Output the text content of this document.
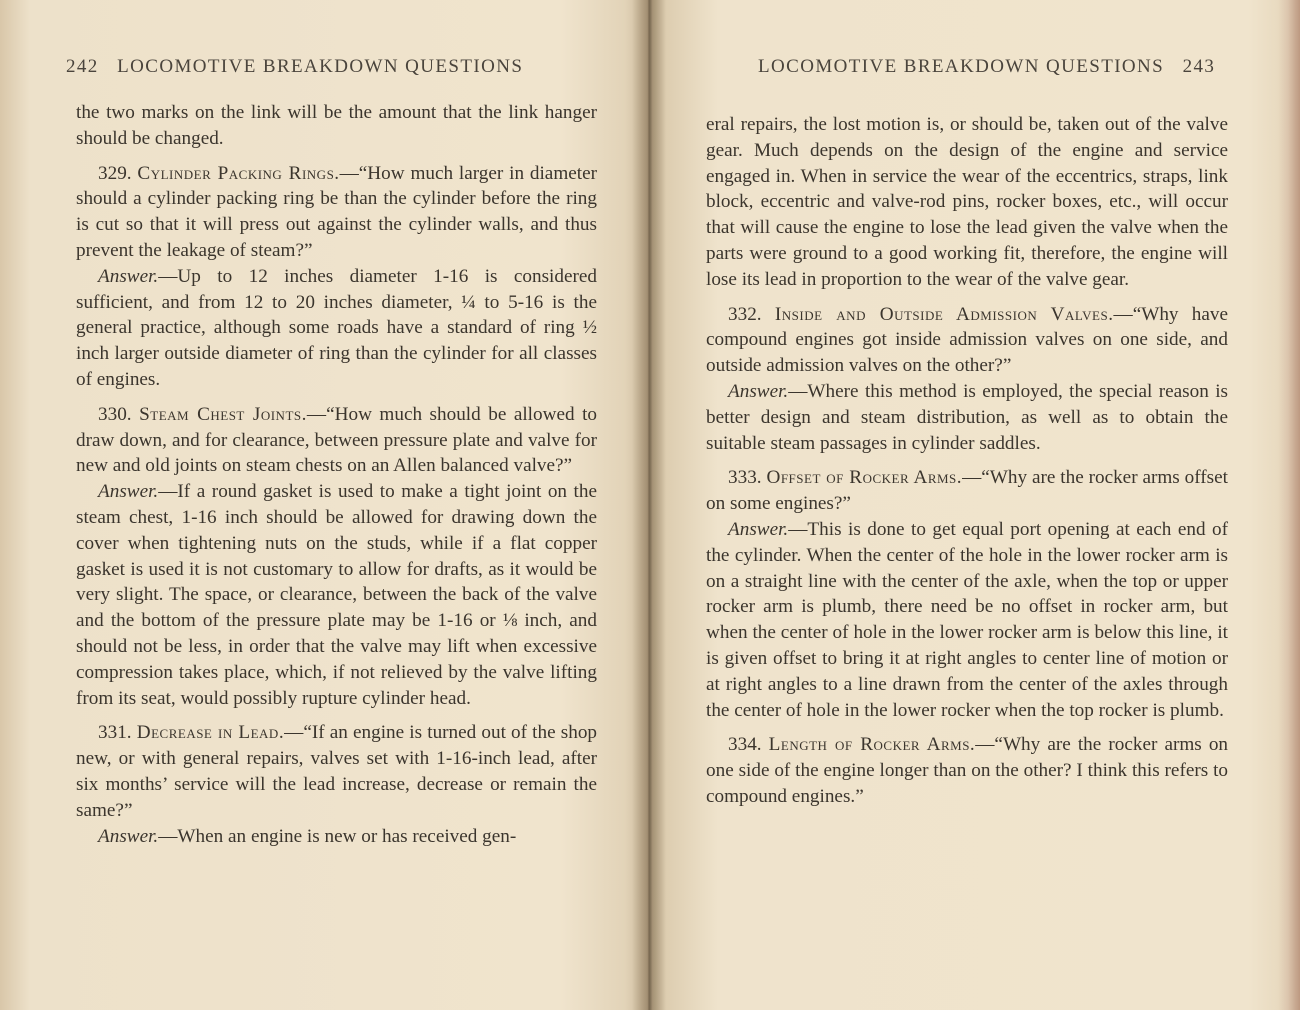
242 LOCOMOTIVE BREAKDOWN QUESTIONS

the two marks on the link will be the amount that the link hanger should be changed.

329. Cylinder Packing Rings.—“How much larger in diameter should a cylinder packing ring be than the cylinder before the ring is cut so that it will press out against the cylinder walls, and thus prevent the leakage of steam?”

Answer.—Up to 12 inches diameter 1-16 is considered sufficient, and from 12 to 20 inches diameter, ¼ to 5-16 is the general practice, although some roads have a standard of ring ½ inch larger outside diameter of ring than the cylinder for all classes of engines.

330. Steam Chest Joints.—“How much should be allowed to draw down, and for clearance, between pressure plate and valve for new and old joints on steam chests on an Allen balanced valve?”

Answer.—If a round gasket is used to make a tight joint on the steam chest, 1-16 inch should be allowed for drawing down the cover when tightening nuts on the studs, while if a flat copper gasket is used it is not customary to allow for drafts, as it would be very slight. The space, or clearance, between the back of the valve and the bottom of the pressure plate may be 1-16 or ⅛ inch, and should not be less, in order that the valve may lift when excessive compression takes place, which, if not relieved by the valve lifting from its seat, would possibly rupture cylinder head.

331. Decrease in Lead.—“If an engine is turned out of the shop new, or with general repairs, valves set with 1-16-inch lead, after six months’ service will the lead increase, decrease or remain the same?”

Answer.—When an engine is new or has received gen-

LOCOMOTIVE BREAKDOWN QUESTIONS 243

eral repairs, the lost motion is, or should be, taken out of the valve gear. Much depends on the design of the engine and service engaged in. When in service the wear of the eccentrics, straps, link block, eccentric and valve-rod pins, rocker boxes, etc., will occur that will cause the engine to lose the lead given the valve when the parts were ground to a good working fit, therefore, the engine will lose its lead in proportion to the wear of the valve gear.

332. Inside and Outside Admission Valves.—“Why have compound engines got inside admission valves on one side, and outside admission valves on the other?”

Answer.—Where this method is employed, the special reason is better design and steam distribution, as well as to obtain the suitable steam passages in cylinder saddles.

333. Offset of Rocker Arms.—“Why are the rocker arms offset on some engines?”

Answer.—This is done to get equal port opening at each end of the cylinder. When the center of the hole in the lower rocker arm is on a straight line with the center of the axle, when the top or upper rocker arm is plumb, there need be no offset in rocker arm, but when the center of hole in the lower rocker arm is below this line, it is given offset to bring it at right angles to center line of motion or at right angles to a line drawn from the center of the axles through the center of hole in the lower rocker when the top rocker is plumb.

334. Length of Rocker Arms.—“Why are the rocker arms on one side of the engine longer than on the other? I think this refers to compound engines.”
